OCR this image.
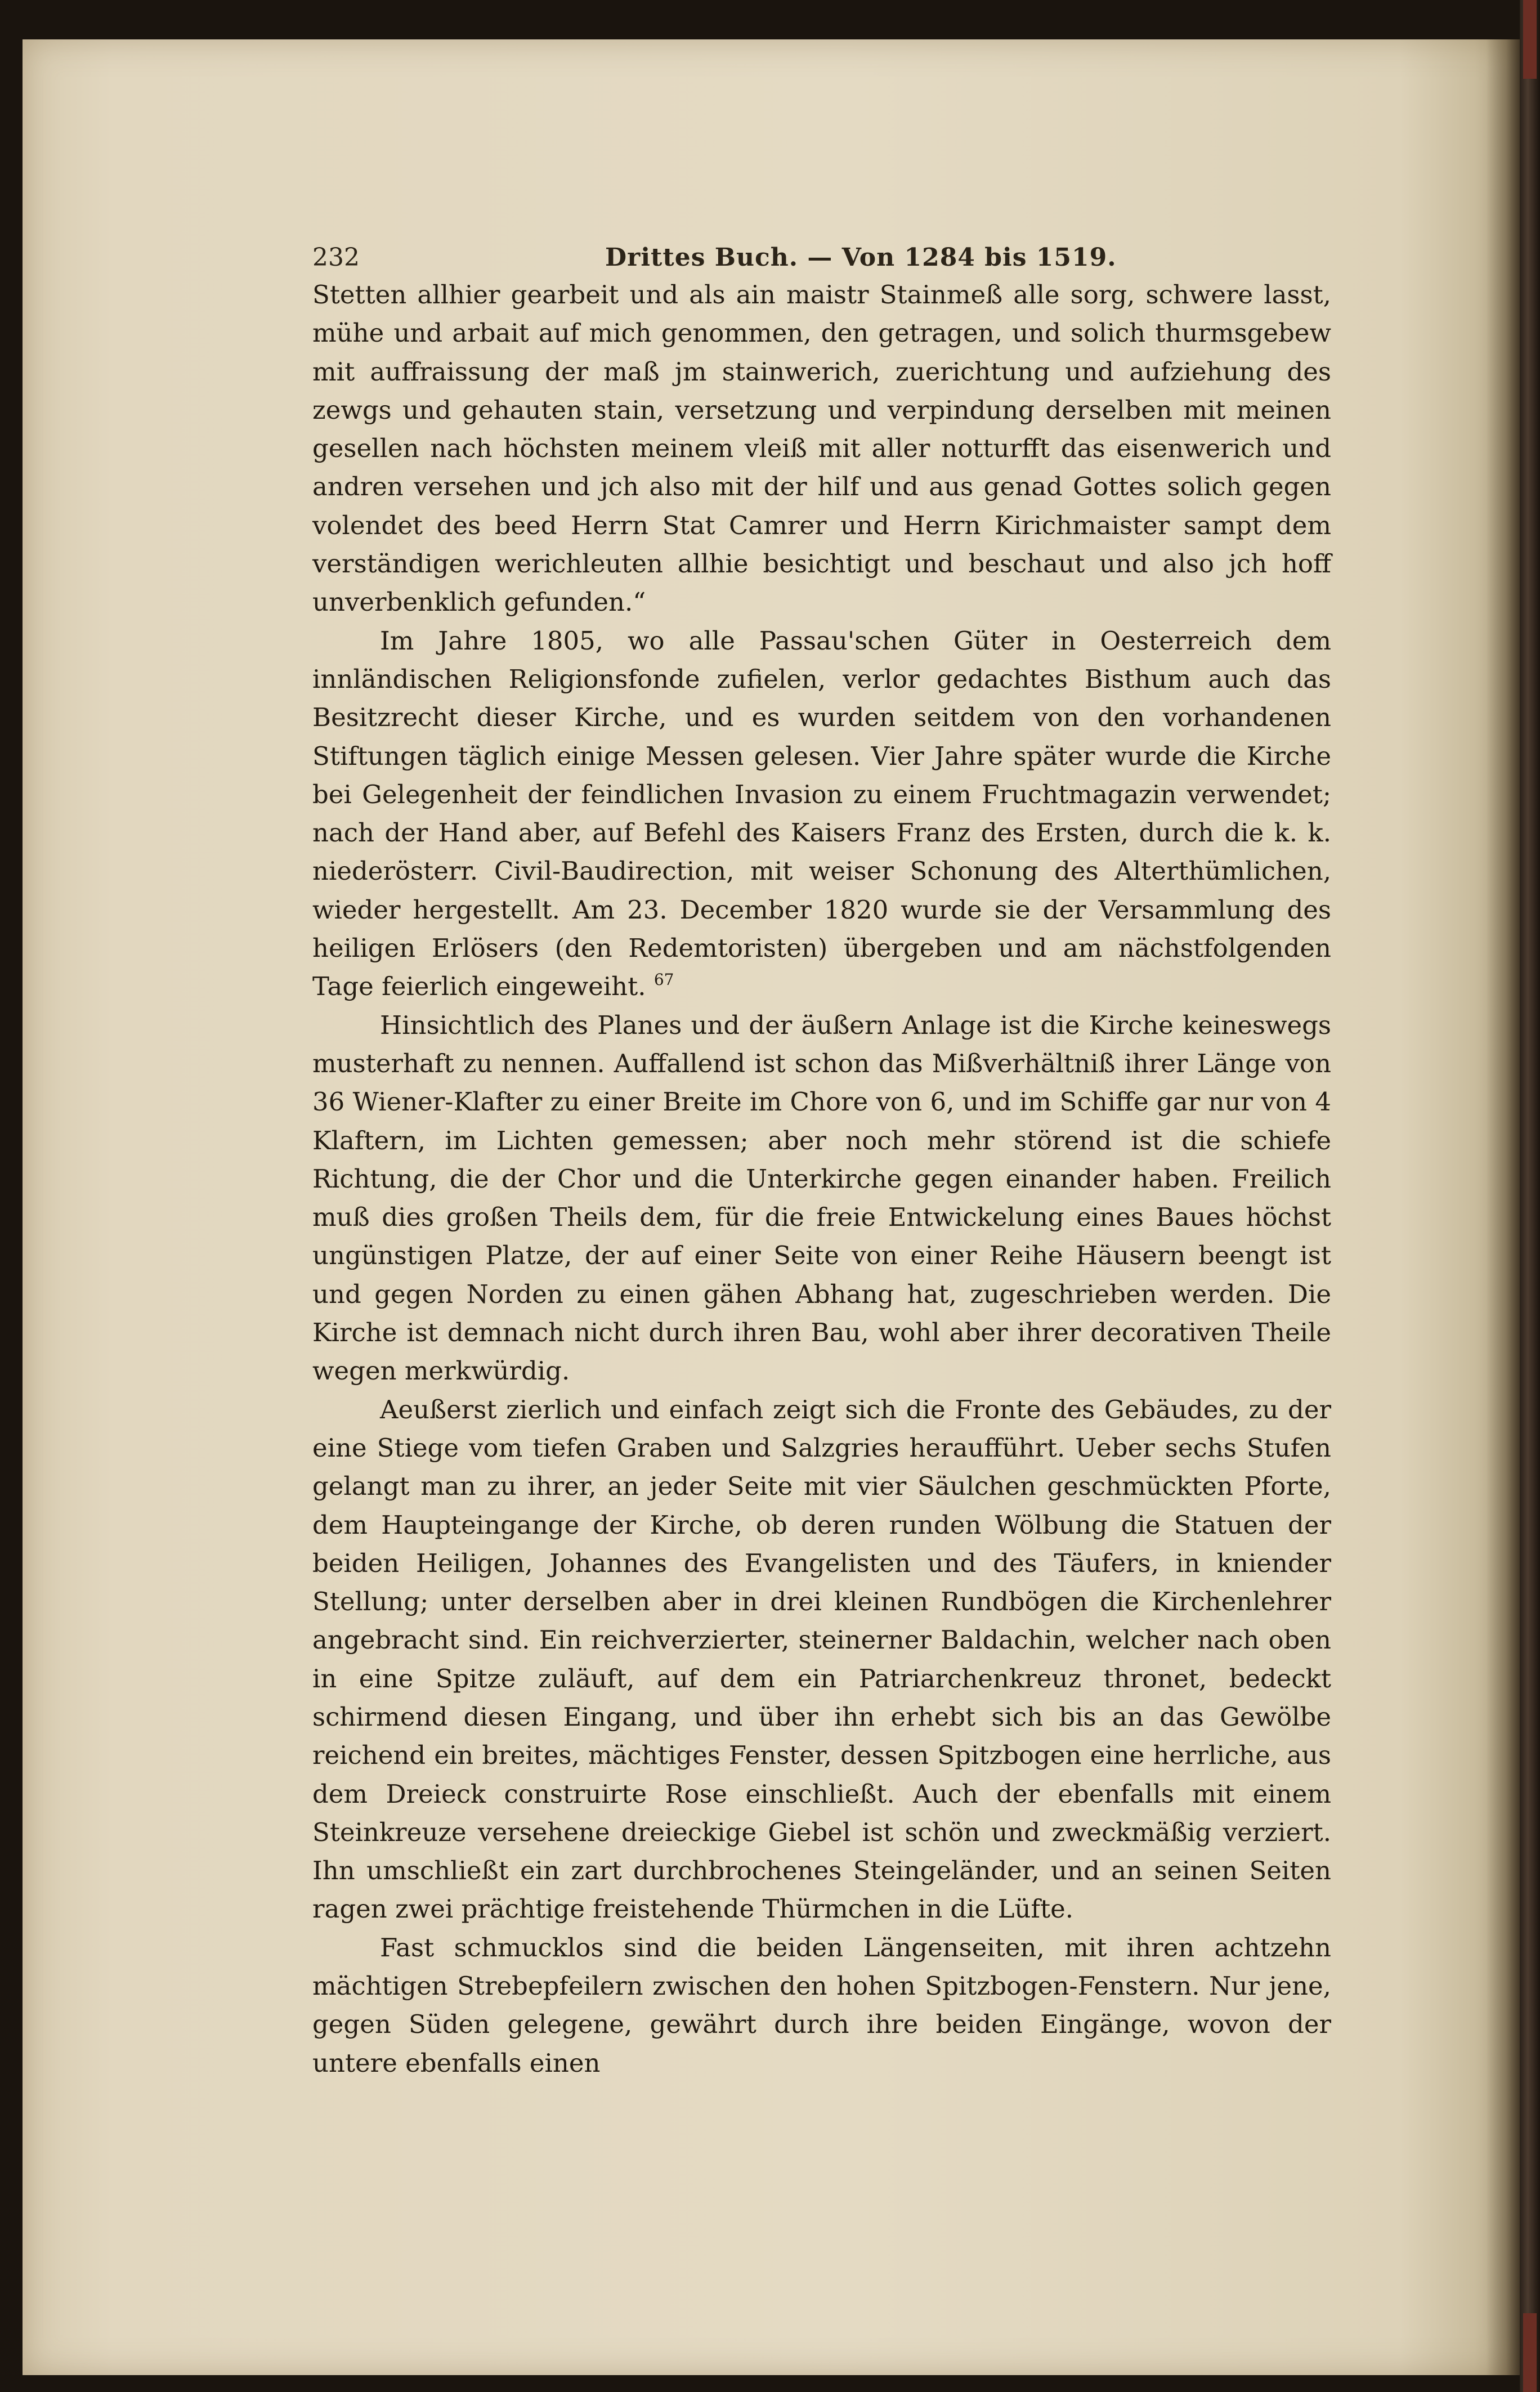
232	Drittes Buch. — Von 1284 bis 1519.

Stetten allhier gearbeit und als ain maistr Stainmeß alle sorg, schwere lasst, mühe und arbait auf mich genommen, den getragen, und solich thurmsgebew mit auffraissung der maß jm stainwerich, zuerichtung und aufziehung des zewgs und gehauten stain, versetzung und verpindung derselben mit meinen gesellen nach höchsten meinem vleiß mit aller notturfft das eisenwerich und andren versehen und jch also mit der hilf und aus genad Gottes solich gegen volendet des beed Herrn Stat Camrer und Herrn Kirichmaister sampt dem verständigen werichleuten allhie besichtigt und beschaut und also jch hoff unverbenklich gefunden.“

Im Jahre 1805, wo alle Passau'schen Güter in Oesterreich dem innländischen Religionsfonde zufielen, verlor gedachtes Bisthum auch das Besitzrecht dieser Kirche, und es wurden seitdem von den vorhandenen Stiftungen täglich einige Messen gelesen. Vier Jahre später wurde die Kirche bei Gelegenheit der feindlichen Invasion zu einem Fruchtmagazin verwendet; nach der Hand aber, auf Befehl des Kaisers Franz des Ersten, durch die k. k. niederösterr. Civil-Baudirection, mit weiser Schonung des Alterthümlichen, wieder hergestellt. Am 23. December 1820 wurde sie der Versammlung des heiligen Erlösers (den Redemtoristen) übergeben und am nächstfolgenden Tage feierlich eingeweiht. $^{67}$

Hinsichtlich des Planes und der äußern Anlage ist die Kirche keineswegs musterhaft zu nennen. Auffallend ist schon das Mißverhältniß ihrer Länge von 36 Wiener-Klafter zu einer Breite im Chore von 6, und im Schiffe gar nur von 4 Klaftern, im Lichten gemessen; aber noch mehr störend ist die schiefe Richtung, die der Chor und die Unterkirche gegen einander haben. Freilich muß dies großen Theils dem, für die freie Entwickelung eines Baues höchst ungünstigen Platze, der auf einer Seite von einer Reihe Häusern beengt ist und gegen Norden zu einen gähen Abhang hat, zugeschrieben werden. Die Kirche ist demnach nicht durch ihren Bau, wohl aber ihrer decorativen Theile wegen merkwürdig.

Aeußerst zierlich und einfach zeigt sich die Fronte des Gebäudes, zu der eine Stiege vom tiefen Graben und Salzgries heraufführt. Ueber sechs Stufen gelangt man zu ihrer, an jeder Seite mit vier Säulchen geschmückten Pforte, dem Haupteingange der Kirche, ob deren runden Wölbung die Statuen der beiden Heiligen, Johannes des Evangelisten und des Täufers, in kniender Stellung; unter derselben aber in drei kleinen Rundbögen die Kirchenlehrer angebracht sind. Ein reichverzierter, steinerner Baldachin, welcher nach oben in eine Spitze zuläuft, auf dem ein Patriarchenkreuz thronet, bedeckt schirmend diesen Eingang, und über ihn erhebt sich bis an das Gewölbe reichend ein breites, mächtiges Fenster, dessen Spitzbogen eine herrliche, aus dem Dreieck construirte Rose einschließt. Auch der ebenfalls mit einem Steinkreuze versehene dreieckige Giebel ist schön und zweckmäßig verziert. Ihn umschließt ein zart durchbrochenes Steingeländer, und an seinen Seiten ragen zwei prächtige freistehende Thürmchen in die Lüfte.

Fast schmucklos sind die beiden Längenseiten, mit ihren achtzehn mächtigen Strebepfeilern zwischen den hohen Spitzbogen-Fenstern. Nur jene, gegen Süden gelegene, gewährt durch ihre beiden Eingänge, wovon der untere ebenfalls einen
